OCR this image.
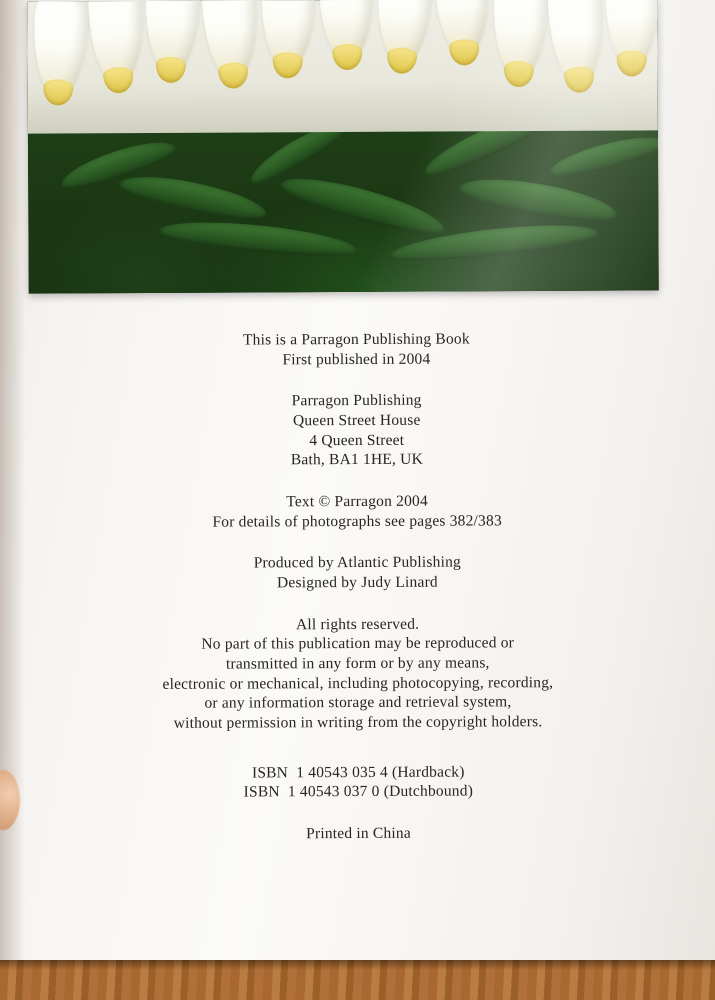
This is a Parragon Publishing Book
First published in 2004
Parragon Publishing
Queen Street House
4 Queen Street
Bath, BA1 1HE, UK
Text © Parragon 2004
For details of photographs see pages 382/383
Produced by Atlantic Publishing
Designed by Judy Linard
All rights reserved.
No part of this publication may be reproduced or
transmitted in any form or by any means,
electronic or mechanical, including photocopying, recording,
or any information storage and retrieval system,
without permission in writing from the copyright holders.
ISBN  1 40543 035 4 (Hardback)
ISBN  1 40543 037 0 (Dutchbound)
Printed in China
